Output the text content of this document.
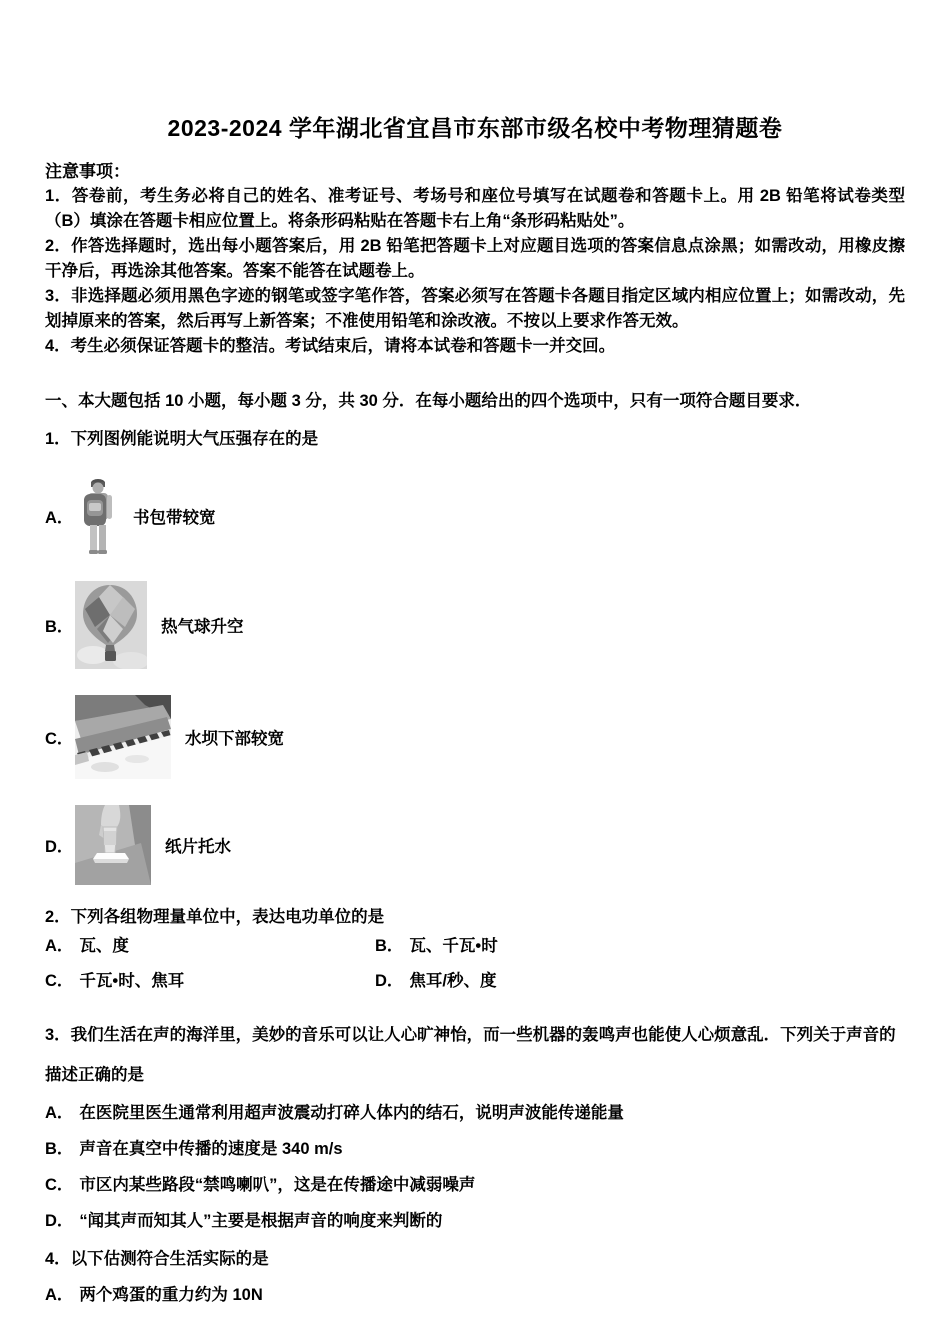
2023-2024 学年湖北省宜昌市东部市级名校中考物理猜题卷
注意事项：
1．答卷前，考生务必将自己的姓名、准考证号、考场号和座位号填写在试题卷和答题卡上。用 2B 铅笔将试卷类型（B）填涂在答题卡相应位置上。将条形码粘贴在答题卡右上角“条形码粘贴处”。
2．作答选择题时，选出每小题答案后，用 2B 铅笔把答题卡上对应题目选项的答案信息点涂黑；如需改动，用橡皮擦干净后，再选涂其他答案。答案不能答在试题卷上。
3．非选择题必须用黑色字迹的钢笔或签字笔作答，答案必须写在答题卡各题目指定区域内相应位置上；如需改动，先划掉原来的答案，然后再写上新答案；不准使用铅笔和涂改液。不按以上要求作答无效。
4．考生必须保证答题卡的整洁。考试结束后，请将本试卷和答题卡一并交回。
一、本大题包括 10 小题，每小题 3 分，共 30 分．在每小题给出的四个选项中，只有一项符合题目要求．
1．下列图例能说明大气压强存在的是
A．	书包带较宽
B．	热气球升空
C．	水坝下部较宽
D．	纸片托水
2．下列各组物理量单位中，表达电功单位的是
A． 瓦、度	B． 瓦、千瓦•时
C． 千瓦•时、焦耳	D． 焦耳/秒、度
3．我们生活在声的海洋里，美妙的音乐可以让人心旷神怡，而一些机器的轰鸣声也能使人心烦意乱．下列关于声音的描述正确的是
A． 在医院里医生通常利用超声波震动打碎人体内的结石，说明声波能传递能量
B． 声音在真空中传播的速度是 340 m/s
C． 市区内某些路段“禁鸣喇叭”，这是在传播途中减弱噪声
D． “闻其声而知其人”主要是根据声音的响度来判断的
4．以下估测符合生活实际的是
A． 两个鸡蛋的重力约为 10N
